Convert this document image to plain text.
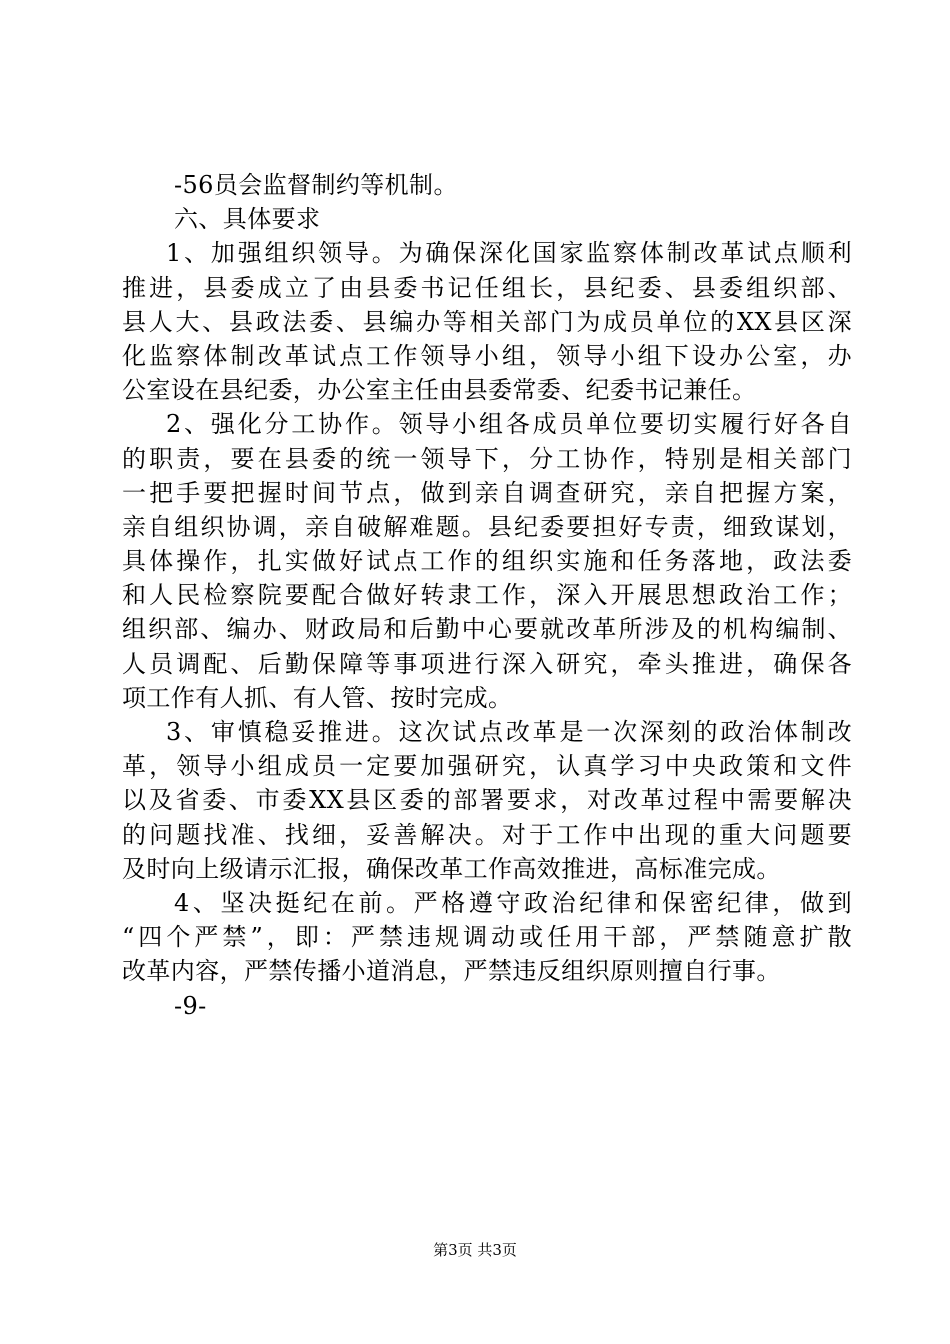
-56员会监督制约等机制。
六、具体要求
1、加强组织领导。为确保深化国家监察体制改革试点顺利
推进，县委成立了由县委书记任组长，县纪委、县委组织部、
县人大、县政法委、县编办等相关部门为成员单位的XX县区深
化监察体制改革试点工作领导小组，领导小组下设办公室，办
公室设在县纪委，办公室主任由县委常委、纪委书记兼任。
2、强化分工协作。领导小组各成员单位要切实履行好各自
的职责，要在县委的统一领导下，分工协作，特别是相关部门
一把手要把握时间节点，做到亲自调查研究，亲自把握方案，
亲自组织协调，亲自破解难题。县纪委要担好专责，细致谋划，
具体操作，扎实做好试点工作的组织实施和任务落地，政法委
和人民检察院要配合做好转隶工作，深入开展思想政治工作；
组织部、编办、财政局和后勤中心要就改革所涉及的机构编制、
人员调配、后勤保障等事项进行深入研究，牵头推进，确保各
项工作有人抓、有人管、按时完成。
3、审慎稳妥推进。这次试点改革是一次深刻的政治体制改
革，领导小组成员一定要加强研究，认真学习中央政策和文件
以及省委、市委XX县区委的部署要求，对改革过程中需要解决
的问题找准、找细，妥善解决。对于工作中出现的重大问题要
及时向上级请示汇报，确保改革工作高效推进，高标准完成。
4、坚决挺纪在前。严格遵守政治纪律和保密纪律，做到
“四个严禁”，即：严禁违规调动或任用干部，严禁随意扩散
改革内容，严禁传播小道消息，严禁违反组织原则擅自行事。
-9-
第3页 共3页
